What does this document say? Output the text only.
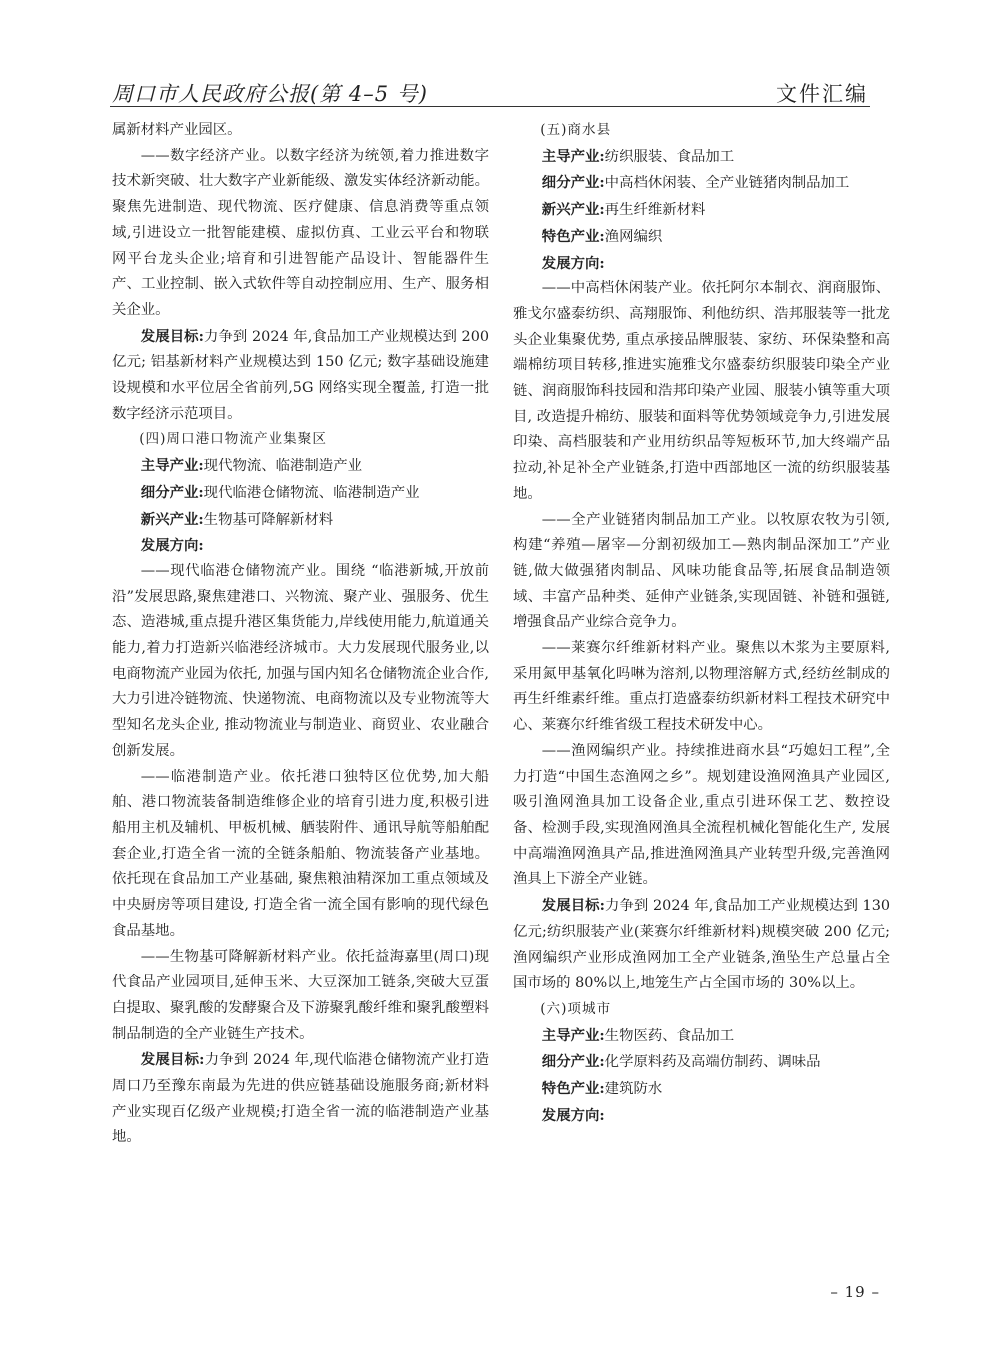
周口市人民政府公报(第 4–5 号)	文件汇编

属新材料产业园区。

——数字经济产业。以数字经济为统领,着力推进数字技术新突破、壮大数字产业新能级、激发实体经济新动能。聚焦先进制造、现代物流、医疗健康、信息消费等重点领域,引进设立一批智能建模、虚拟仿真、工业云平台和物联网平台龙头企业;培育和引进智能产品设计、智能器件生产、工业控制、嵌入式软件等自动控制应用、生产、服务相关企业。

发展目标:力争到 2024 年,食品加工产业规模达到 200 亿元; 铝基新材料产业规模达到 150 亿元; 数字基础设施建设规模和水平位居全省前列,5G 网络实现全覆盖, 打造一批数字经济示范项目。

(四)周口港口物流产业集聚区

主导产业:现代物流、临港制造产业

细分产业:现代临港仓储物流、临港制造产业

新兴产业:生物基可降解新材料

发展方向:

——现代临港仓储物流产业。围绕 “临港新城,开放前沿”发展思路,聚焦建港口、兴物流、聚产业、强服务、优生态、造港城,重点提升港区集货能力,岸线使用能力,航道通关能力,着力打造新兴临港经济城市。大力发展现代服务业,以电商物流产业园为依托, 加强与国内知名仓储物流企业合作,大力引进冷链物流、快递物流、电商物流以及专业物流等大型知名龙头企业, 推动物流业与制造业、商贸业、农业融合创新发展。

——临港制造产业。依托港口独特区位优势,加大船舶、港口物流装备制造维修企业的培育引进力度,积极引进船用主机及辅机、甲板机械、舾装附件、通讯导航等船舶配套企业,打造全省一流的全链条船舶、物流装备产业基地。依托现在食品加工产业基础, 聚焦粮油精深加工重点领域及中央厨房等项目建设, 打造全省一流全国有影响的现代绿色食品基地。

——生物基可降解新材料产业。依托益海嘉里(周口)现代食品产业园项目,延伸玉米、大豆深加工链条,突破大豆蛋白提取、聚乳酸的发酵聚合及下游聚乳酸纤维和聚乳酸塑料制品制造的全产业链生产技术。

发展目标:力争到 2024 年,现代临港仓储物流产业打造周口乃至豫东南最为先进的供应链基础设施服务商;新材料产业实现百亿级产业规模;打造全省一流的临港制造产业基地。

(五)商水县

主导产业:纺织服装、食品加工

细分产业:中高档休闲装、全产业链猪肉制品加工

新兴产业:再生纤维新材料

特色产业:渔网编织

发展方向:

——中高档休闲装产业。依托阿尔本制衣、润商服饰、雅戈尔盛泰纺织、高翔服饰、利他纺织、浩邦服装等一批龙头企业集聚优势, 重点承接品牌服装、家纺、环保染整和高端棉纺项目转移,推进实施雅戈尔盛泰纺织服装印染全产业链、润商服饰科技园和浩邦印染产业园、服装小镇等重大项目, 改造提升棉纺、服装和面料等优势领域竞争力,引进发展印染、高档服装和产业用纺织品等短板环节,加大终端产品拉动,补足补全产业链条,打造中西部地区一流的纺织服装基地。

——全产业链猪肉制品加工产业。以牧原农牧为引领,构建“养殖—屠宰—分割初级加工—熟肉制品深加工”产业链,做大做强猪肉制品、风味功能食品等,拓展食品制造领域、丰富产品种类、延伸产业链条,实现固链、补链和强链,增强食品产业综合竞争力。

——莱赛尔纤维新材料产业。聚焦以木浆为主要原料,采用氮甲基氧化吗啉为溶剂,以物理溶解方式,经纺丝制成的再生纤维素纤维。重点打造盛泰纺织新材料工程技术研究中心、莱赛尔纤维省级工程技术研发中心。

——渔网编织产业。持续推进商水县“巧媳妇工程”,全力打造“中国生态渔网之乡”。规划建设渔网渔具产业园区,吸引渔网渔具加工设备企业,重点引进环保工艺、数控设备、检测手段,实现渔网渔具全流程机械化智能化生产, 发展中高端渔网渔具产品,推进渔网渔具产业转型升级,完善渔网渔具上下游全产业链。

发展目标:力争到 2024 年,食品加工产业规模达到 130 亿元;纺织服装产业(莱赛尔纤维新材料)规模突破 200 亿元;渔网编织产业形成渔网加工全产业链条,渔坠生产总量占全国市场的 80%以上,地笼生产占全国市场的 30%以上。

(六)项城市

主导产业:生物医药、食品加工

细分产业:化学原料药及高端仿制药、调味品

特色产业:建筑防水

发展方向:

– 19 –
